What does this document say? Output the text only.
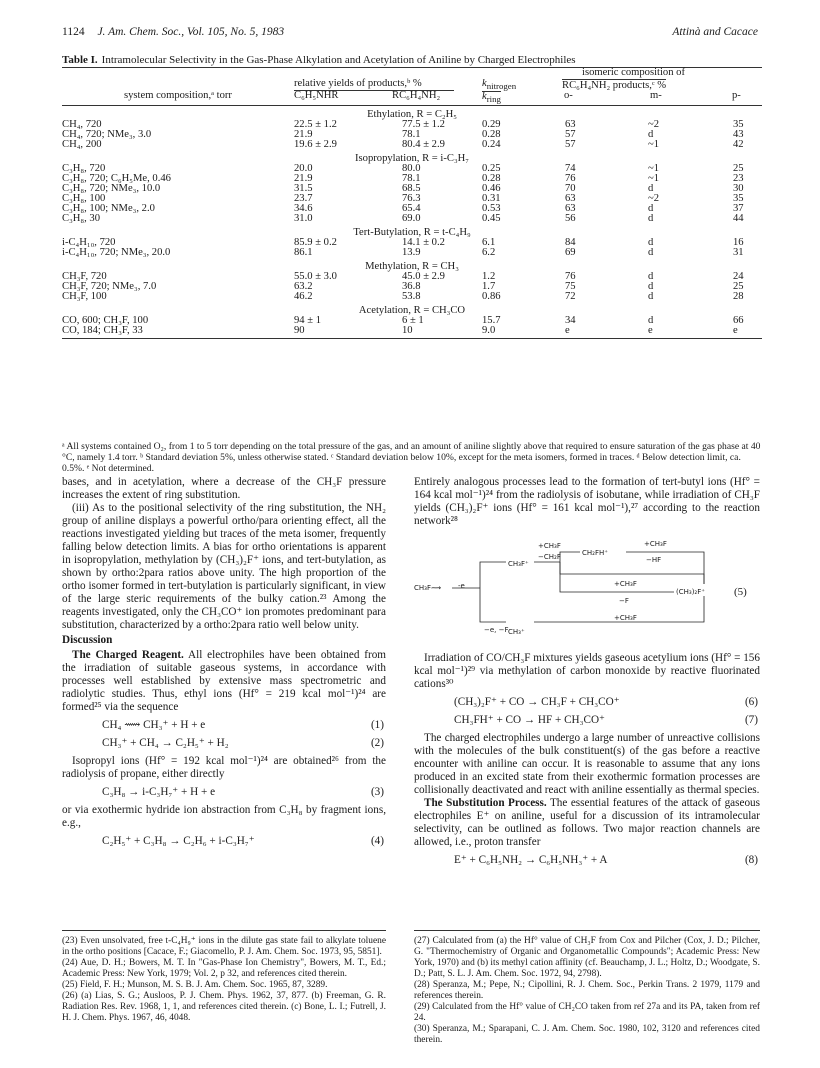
1124 J. Am. Chem. Soc., Vol. 105, No. 5, 1983	Attinà and Cacace
Table I. Intramolecular Selectivity in the Gas-Phase Alkylation and Acetylation of Aniline by Charged Electrophiles
isomeric composition of
relative yields of products,ᵇ %	$k_{nitrogen}$	RC₆H₄NH₂ products,ᶜ %
system composition,ᵃ torr	C₆H₅NHR	RC₆H₄NH₂	$k_{ring}$	o-	m-	p-
Ethylation, R = C₂H₅
CH₄, 720	22.5 ± 1.2	77.5 ± 1.2	0.29	63	~2	35
CH₄, 720; NMe₃, 3.0	21.9	78.1	0.28	57	d	43
CH₄, 200	19.6 ± 2.9	80.4 ± 2.9	0.24	57	~1	42
Isopropylation, R = i-C₃H₇
C₃H₈, 720	20.0	80.0	0.25	74	~1	25
C₃H₈, 720; C₆H₅Me, 0.46	21.9	78.1	0.28	76	~1	23
C₃H₈, 720; NMe₃, 10.0	31.5	68.5	0.46	70	d	30
C₃H₈, 100	23.7	76.3	0.31	63	~2	35
C₃H₈, 100; NMe₃, 2.0	34.6	65.4	0.53	63	d	37
C₃H₈, 30	31.0	69.0	0.45	56	d	44
Tert-Butylation, R = t-C₄H₉
i-C₄H₁₀, 720	85.9 ± 0.2	14.1 ± 0.2	6.1	84	d	16
i-C₄H₁₀, 720; NMe₃, 20.0	86.1	13.9	6.2	69	d	31
Methylation, R = CH₃
CH₃F, 720	55.0 ± 3.0	45.0 ± 2.9	1.2	76	d	24
CH₃F, 720; NMe₃, 7.0	63.2	36.8	1.7	75	d	25
CH₃F, 100	46.2	53.8	0.86	72	d	28
Acetylation, R = CH₃CO
CO, 600; CH₃F, 100	94 ± 1	6 ± 1	15.7	34	d	66
CO, 184; CH₃F, 33	90	10	9.0	e	e	e
ᵃ All systems contained O₂, from 1 to 5 torr depending on the total pressure of the gas, and an amount of aniline slightly above that required to ensure saturation of the gas phase at 40 °C, namely 1.4 torr. ᵇ Standard deviation 5%, unless otherwise stated. ᶜ Standard deviation below 10%, except for the meta isomers, formed in traces. ᵈ Below detection limit, ca. 0.5%. ᵉ Not determined.

bases, and in acetylation, where a decrease of the CH₃F pressure increases the extent of ring substitution.

(iii) As to the positional selectivity of the ring substitution, the NH₂ group of aniline displays a powerful ortho/para orienting effect, all the reactions investigated yielding but traces of the meta isomer, frequently falling below detection limits. A bias for ortho orientations is apparent in isopropylation, methylation by (CH₃)₂F⁺ ions, and tert-butylation, as shown by ortho:2para ratios above unity. The high proportion of the ortho isomer formed in tert-butylation is particularly significant, in view of the large steric requirements of the bulky cation.²³ Among the reagents investigated, only the CH₃CO⁺ ion promotes predominant para substitution, characterized by a ortho:2para ratio well below unity.

Discussion

The Charged Reagent. All electrophiles have been obtained from the irradiation of suitable gaseous systems, in accordance with processes well established by extensive mass spectrometric and radiolytic studies. Thus, ethyl ions (Hf° = 219 kcal mol⁻¹)²⁴ are formed²⁵ via the sequence

CH₄ ⟿ CH₃⁺ + H + e	(1)
CH₃⁺ + CH₄ → C₂H₅⁺ + H₂	(2)

Isopropyl ions (Hf° = 192 kcal mol⁻¹)²⁴ are obtained²⁶ from the radiolysis of propane, either directly

C₃H₈ → i-C₃H₇⁺ + H + e	(3)

or via exothermic hydride ion abstraction from C₃H₈ by fragment ions, e.g.,

C₂H₅⁺ + C₃H₈ → C₂H₆ + i-C₃H₇⁺	(4)

(23) Even unsolvated, free t-C₄H₉⁺ ions in the dilute gas state fail to alkylate toluene in the ortho positions [Cacace, F.; Giacomello, P. J. Am. Chem. Soc. 1973, 95, 5851].

(24) Aue, D. H.; Bowers, M. T. In "Gas-Phase Ion Chemistry", Bowers, M. T., Ed.; Academic Press: New York, 1979; Vol. 2, p 32, and references cited therein.

(25) Field, F. H.; Munson, M. S. B. J. Am. Chem. Soc. 1965, 87, 3289.

(26) (a) Lias, S. G.; Ausloos, P. J. Chem. Phys. 1962, 37, 877. (b) Freeman, G. R. Radiation Res. Rev. 1968, 1, 1, and references cited therein. (c) Bone, L. I.; Futrell, J. H. J. Chem. Phys. 1967, 46, 4048.

Entirely analogous processes lead to the formation of tert-butyl ions (Hf° = 164 kcal mol⁻¹)²⁴ from the radiolysis of isobutane, while irradiation of CH₃F yields (CH₃)₂F⁺ ions (Hf° = 161 kcal mol⁻¹),²⁷ according to the reaction network²⁸

CH₃F⟿ -e
CH₃F⁺
+CH₃F
−CH₂F	CH₂FH⁺
+CH₃F
−HF
+CH₃F
−F
(CH₃)₂F⁺	(5)
−e, −F CH₃⁺
+CH₃F

Irradiation of CO/CH₃F mixtures yields gaseous acetylium ions (Hf° = 156 kcal mol⁻¹)²⁹ via methylation of carbon monoxide by reactive fluorinated cations³⁰

(CH₃)₂F⁺ + CO → CH₃F + CH₃CO⁺	(6)
CH₃FH⁺ + CO → HF + CH₃CO⁺	(7)

The charged electrophiles undergo a large number of unreactive collisions with the molecules of the bulk constituent(s) of the gas before a reactive encounter with aniline can occur. It is reasonable to assume that any ions produced in an excited state from their exothermic formation processes are collisionally deactivated and react with aniline essentially as thermal species.

The Substitution Process. The essential features of the attack of gaseous electrophiles E⁺ on aniline, useful for a discussion of its intramolecular selectivity, can be outlined as follows. Two major reaction channels are allowed, i.e., proton transfer

E⁺ + C₆H₅NH₂ → C₆H₅NH₃⁺ + A	(8)

(27) Calculated from (a) the Hf° value of CH₃F from Cox and Pilcher (Cox, J. D.; Pilcher, G. "Thermochemistry of Organic and Organometallic Compounds"; Academic Press: New York, 1970) and (b) its methyl cation affinity (cf. Beauchamp, J. L.; Holtz, D.; Woodgate, S. D.; Patt, S. L. J. Am. Chem. Soc. 1972, 94, 2798).

(28) Speranza, M.; Pepe, N.; Cipollini, R. J. Chem. Soc., Perkin Trans. 2 1979, 1179 and references therein.

(29) Calculated from the Hf° value of CH₂CO taken from ref 27a and its PA, taken from ref 24.

(30) Speranza, M.; Sparapani, C. J. Am. Chem. Soc. 1980, 102, 3120 and references cited therein.
